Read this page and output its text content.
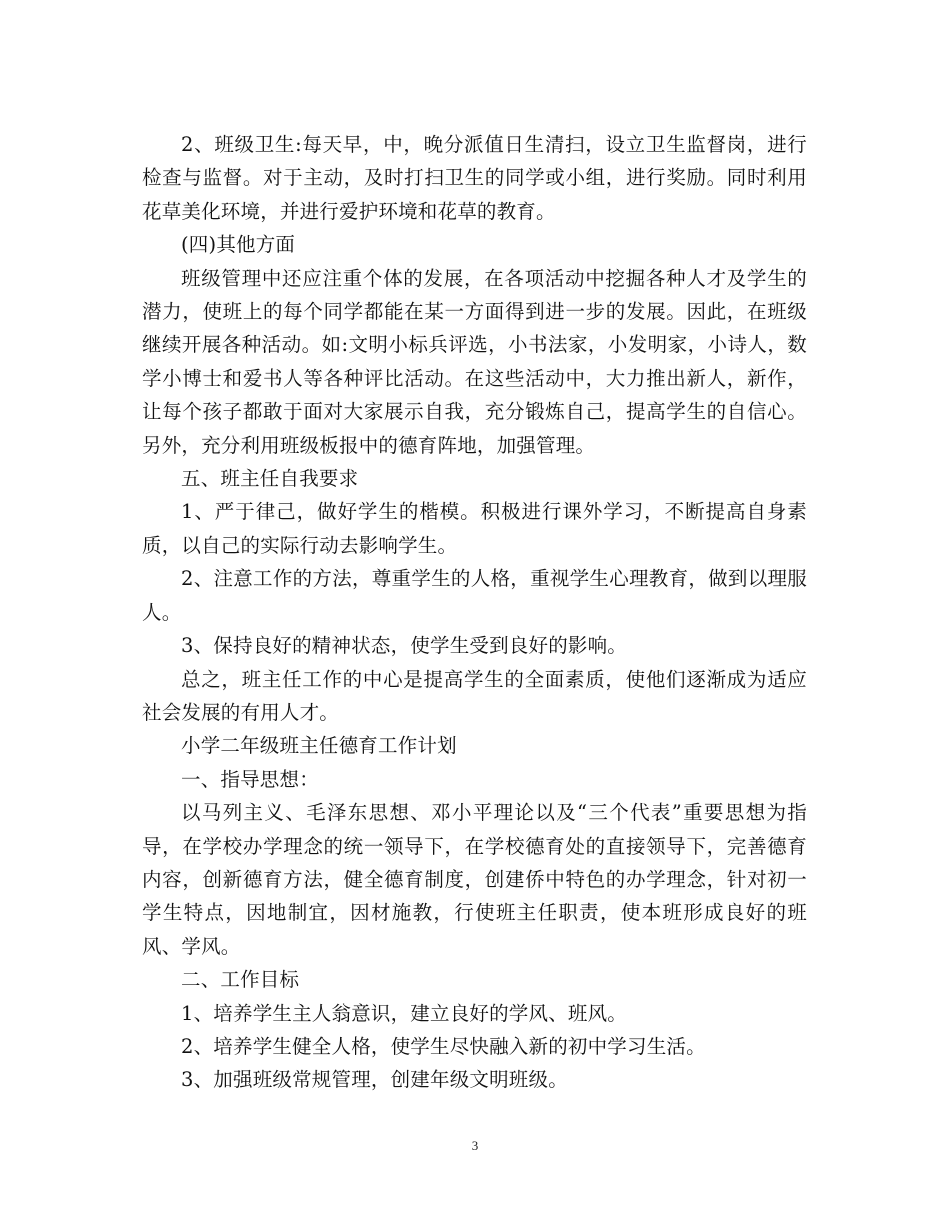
2、班级卫生:每天早，中，晚分派值日生清扫，设立卫生监督岗，进行检查与监督。对于主动，及时打扫卫生的同学或小组，进行奖励。同时利用花草美化环境，并进行爱护环境和花草的教育。

(四)其他方面

班级管理中还应注重个体的发展，在各项活动中挖掘各种人才及学生的潜力，使班上的每个同学都能在某一方面得到进一步的发展。因此，在班级继续开展各种活动。如:文明小标兵评选，小书法家，小发明家，小诗人，数学小博士和爱书人等各种评比活动。在这些活动中，大力推出新人，新作，让每个孩子都敢于面对大家展示自我，充分锻炼自己，提高学生的自信心。另外，充分利用班级板报中的德育阵地，加强管理。

五、班主任自我要求

1、严于律己，做好学生的楷模。积极进行课外学习，不断提高自身素质，以自己的实际行动去影响学生。

2、注意工作的方法，尊重学生的人格，重视学生心理教育，做到以理服人。

3、保持良好的精神状态，使学生受到良好的影响。

总之，班主任工作的中心是提高学生的全面素质，使他们逐渐成为适应社会发展的有用人才。

小学二年级班主任德育工作计划

一、指导思想：

以马列主义、毛泽东思想、邓小平理论以及“三个代表”重要思想为指导，在学校办学理念的统一领导下，在学校德育处的直接领导下，完善德育内容，创新德育方法，健全德育制度，创建侨中特色的办学理念，针对初一学生特点，因地制宜，因材施教，行使班主任职责，使本班形成良好的班风、学风。

二、工作目标

1、培养学生主人翁意识，建立良好的学风、班风。

2、培养学生健全人格，使学生尽快融入新的初中学习生活。

3、加强班级常规管理，创建年级文明班级。

3
